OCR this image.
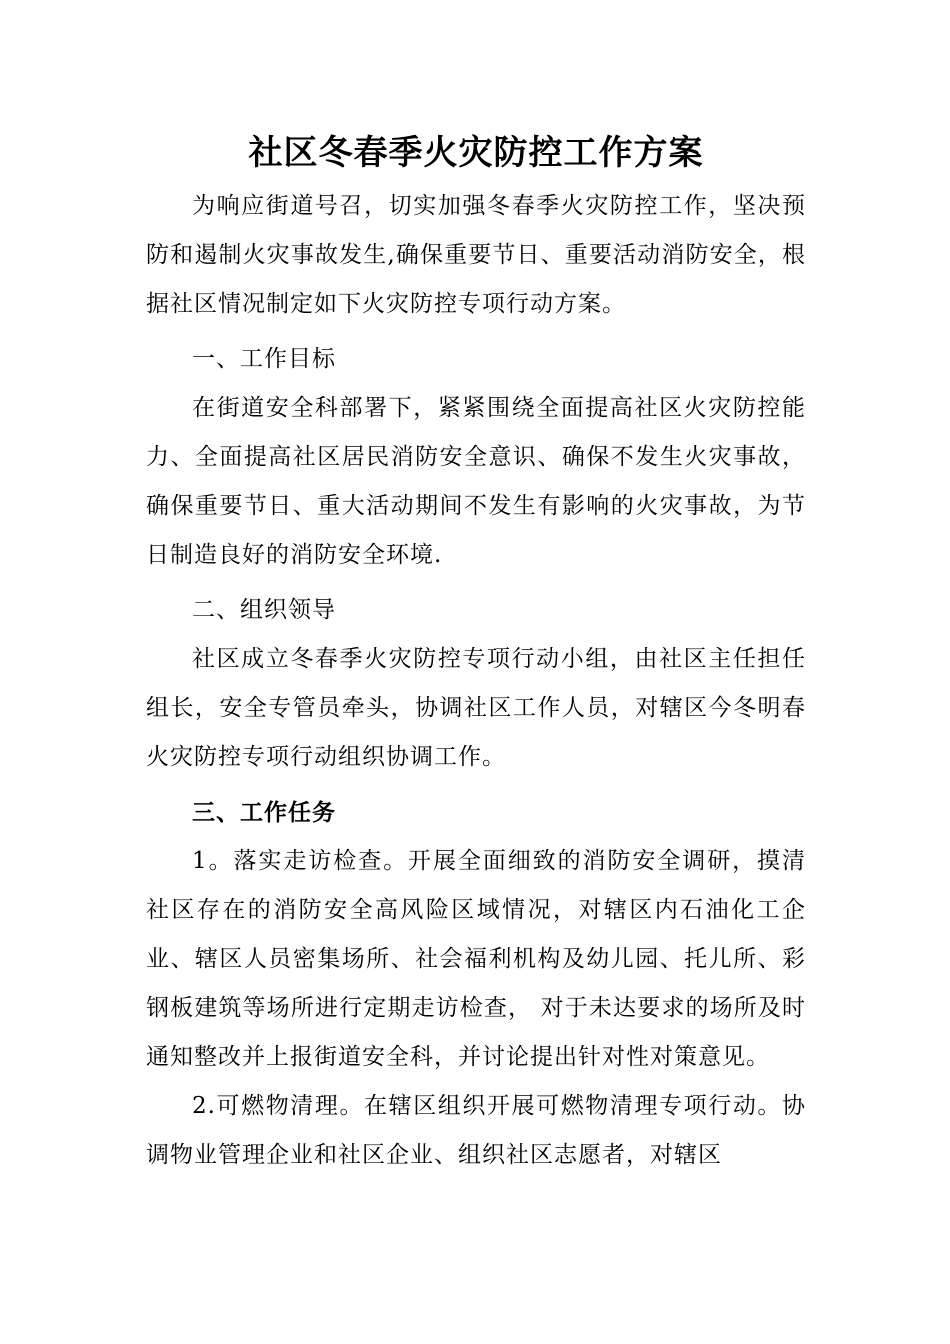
社区冬春季火灾防控工作方案

为响应街道号召，切实加强冬春季火灾防控工作，坚决预防和遏制火灾事故发生,确保重要节日、重要活动消防安全，根据社区情况制定如下火灾防控专项行动方案。

一、工作目标

在街道安全科部署下，紧紧围绕全面提高社区火灾防控能力、全面提高社区居民消防安全意识、确保不发生火灾事故，确保重要节日、重大活动期间不发生有影响的火灾事故，为节日制造良好的消防安全环境.

二、组织领导

社区成立冬春季火灾防控专项行动小组，由社区主任担任组长，安全专管员牵头，协调社区工作人员，对辖区今冬明春火灾防控专项行动组织协调工作。

三、工作任务

1。落实走访检查。开展全面细致的消防安全调研，摸清社区存在的消防安全高风险区域情况，对辖区内石油化工企业、辖区人员密集场所、社会福利机构及幼儿园、托儿所、彩钢板建筑等场所进行定期走访检查， 对于未达要求的场所及时通知整改并上报街道安全科，并讨论提出针对性对策意见。

2.可燃物清理。在辖区组织开展可燃物清理专项行动。协调物业管理企业和社区企业、组织社区志愿者，对辖区
